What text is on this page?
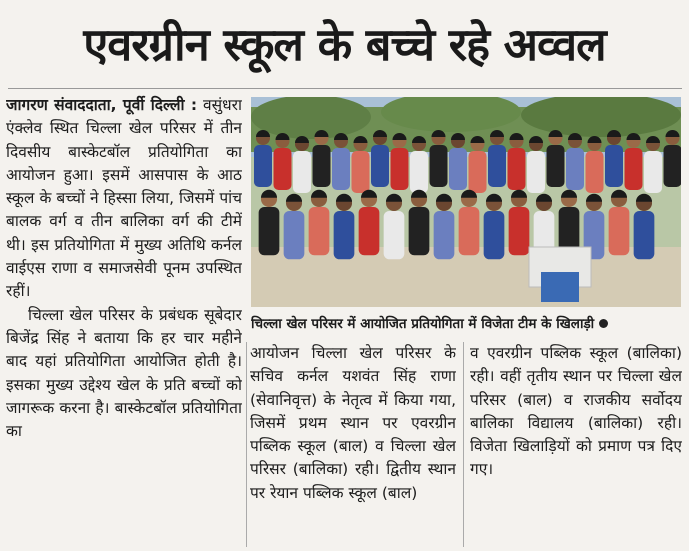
एवरग्रीन स्कूल के बच्चे रहे अव्वल

जागरण संवाददाता, पूर्वी दिल्ली : वसुंधरा एंक्लेव स्थित चिल्ला खेल परिसर में तीन दिवसीय बास्केटबॉल प्रतियोगिता का आयोजन हुआ। इसमें आसपास के आठ स्कूल के बच्चों ने हिस्सा लिया, जिसमें पांच बालक वर्ग व तीन बालिका वर्ग की टीमें थी। इस प्रतियोगिता में मुख्य अतिथि कर्नल वाईएस राणा व समाजसेवी पूनम उपस्थित रहीं।

चिल्ला खेल परिसर के प्रबंधक सूबेदार बिजेंद्र सिंह ने बताया कि हर चार महीने बाद यहां प्रतियोगिता आयोजित होती है। इसका मुख्य उद्देश्य खेल के प्रति बच्चों को जागरूक करना है। बास्केटबॉल प्रतियोगिता का

चिल्ला खेल परिसर में आयोजित प्रतियोगिता में विजेता टीम के खिलाड़ी

आयोजन चिल्ला खेल परिसर के सचिव कर्नल यशवंत सिंह राणा (सेवानिवृत्त) के नेतृत्व में किया गया, जिसमें प्रथम स्थान पर एवरग्रीन पब्लिक स्कूल (बाल) व चिल्ला खेल परिसर (बालिका) रही। द्वितीय स्थान पर रेयान पब्लिक स्कूल (बाल)

व एवरग्रीन पब्लिक स्कूल (बालिका) रही। वहीं तृतीय स्थान पर चिल्ला खेल परिसर (बाल) व राजकीय सर्वोदय बालिका विद्यालय (बालिका) रही। विजेता खिलाड़ियों को प्रमाण पत्र दिए गए।
